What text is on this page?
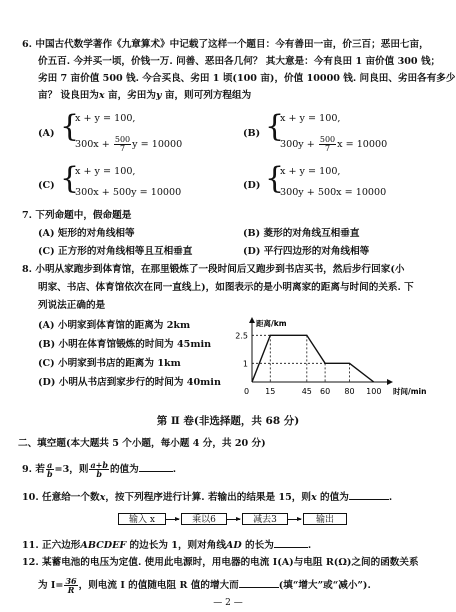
6. 中国古代数学著作《九章算术》中记载了这样一个题目：今有善田一亩，价三百；恶田七亩，
价五百. 今并买一顷，价钱一万. 问善、恶田各几何？ 其大意是：今有良田 1 亩价值 300 钱；
劣田 7 亩价值 500 钱. 今合买良、劣田 1 顷(100 亩)，价值 10000 钱. 问良田、劣田各有多少
亩？ 设良田为x 亩，劣田为y 亩，则可列方程组为
(A) {
x + y = 100,
$300x + \frac{500}{7}$ y = 10000
(B) {
x + y = 100,
$300y + \frac{500}{7}$ x = 10000
(C) {
x + y = 100,
300x + 500y = 10000
(D) {
x + y = 100,
300y + 500x = 10000
7. 下列命题中，假命题是
(A) 矩形的对角线相等	(B) 菱形的对角线互相垂直
(C) 正方形的对角线相等且互相垂直	(D) 平行四边形的对角线相等
8. 小明从家跑步到体育馆，在那里锻炼了一段时间后又跑步到书店买书，然后步行回家(小
明家、书店、体育馆依次在同一直线上)，如图表示的是小明离家的距离与时间的关系. 下
列说法正确的是
(A) 小明家到体育馆的距离为 2km
(B) 小明在体育馆锻炼的时间为 45min
(C) 小明家到书店的距离为 1km
(D) 小明从书店到家步行的时间为 40min
距离/km
时间/min
0 15	45 60 80 100
1
2.5
第 Ⅱ 卷(非选择题，共 68 分)
二、填空题(本大题共 5 个小题，每小题 4 分，共 20 分)
9. 若 $\frac{a}{b} =3$，则 $\frac{a+b}{b}$ 的值为	.
10. 任意给一个数x，按下列程序进行计算. 若输出的结果是 15，则x 的值为	.
输入 x	乘以6	减去3	输出
11. 正六边形ABCDEF 的边长为 1，则对角线AD 的长为	.
12. 某蓄电池的电压为定值. 使用此电源时，用电器的电流 I(A)与电阻 R(Ω)之间的函数关系
为 $I= \frac{36}{R}$ ，则电流 I 的值随电阻 R 值的增大而	(填“增大”或“减小”).
— 2 —
